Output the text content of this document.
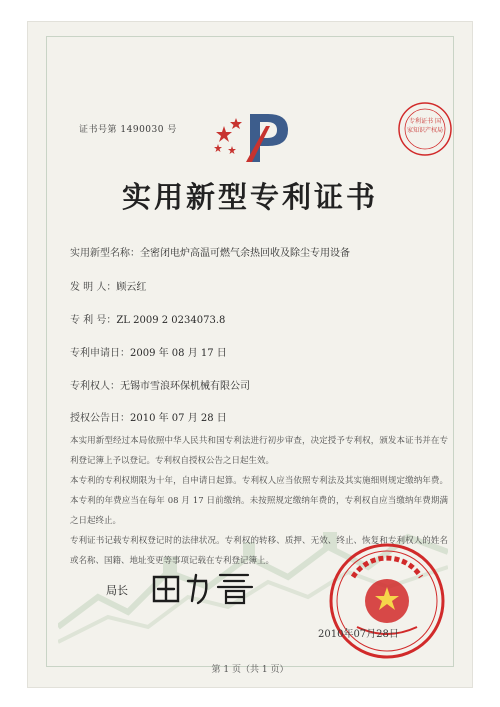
证书号第 1490030 号
专利证书 国家知识产权局
实用新型专利证书
实用新型名称：全密闭电炉高温可燃气余热回收及除尘专用设备
发 明 人：顾云红
专 利 号：ZL 2009 2 0234073.8
专利申请日：2009 年 08 月 17 日
专利权人：无锡市雪浪环保机械有限公司
授权公告日：2010 年 07 月 28 日
本实用新型经过本局依照中华人民共和国专利法进行初步审查，决定授予专利权，颁发本证书并在专利登记簿上予以登记。专利权自授权公告之日起生效。
本专利的专利权期限为十年，自申请日起算。专利权人应当依照专利法及其实施细则规定缴纳年费。本专利的年费应当在每年 08 月 17 日前缴纳。未按照规定缴纳年费的，专利权自应当缴纳年费期满之日起终止。
专利证书记载专利权登记时的法律状况。专利权的转移、质押、无效、终止、恢复和专利权人的姓名或名称、国籍、地址变更等事项记载在专利登记簿上。
局长
2010年07月28日
第 1 页（共 1 页）
